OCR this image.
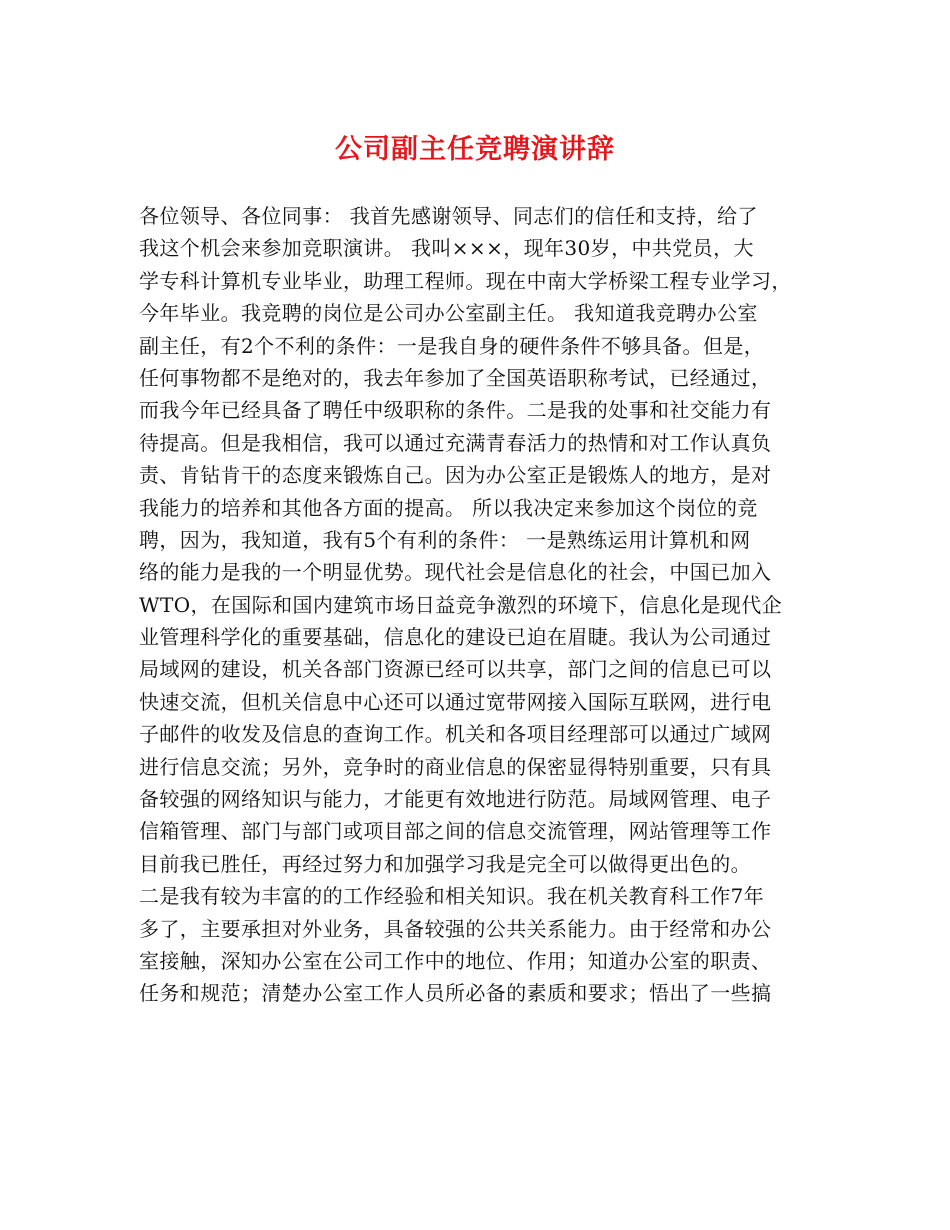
公司副主任竞聘演讲辞
各位领导、各位同事： 我首先感谢领导、同志们的信任和支持，给了
我这个机会来参加竞职演讲。 我叫×××，现年30岁，中共党员，大
学专科计算机专业毕业，助理工程师。现在中南大学桥梁工程专业学习，
今年毕业。我竞聘的岗位是公司办公室副主任。 我知道我竞聘办公室
副主任，有2个不利的条件：一是我自身的硬件条件不够具备。但是，
任何事物都不是绝对的，我去年参加了全国英语职称考试，已经通过，
而我今年已经具备了聘任中级职称的条件。二是我的处事和社交能力有
待提高。但是我相信，我可以通过充满青春活力的热情和对工作认真负
责、肯钻肯干的态度来锻炼自己。因为办公室正是锻炼人的地方，是对
我能力的培养和其他各方面的提高。 所以我决定来参加这个岗位的竞
聘，因为，我知道，我有5个有利的条件： 一是熟练运用计算机和网
络的能力是我的一个明显优势。现代社会是信息化的社会，中国已加入
WTO，在国际和国内建筑市场日益竞争激烈的环境下，信息化是现代企
业管理科学化的重要基础，信息化的建设已迫在眉睫。我认为公司通过
局域网的建设，机关各部门资源已经可以共享，部门之间的信息已可以
快速交流，但机关信息中心还可以通过宽带网接入国际互联网，进行电
子邮件的收发及信息的查询工作。机关和各项目经理部可以通过广域网
进行信息交流；另外，竞争时的商业信息的保密显得特别重要，只有具
备较强的网络知识与能力，才能更有效地进行防范。局域网管理、电子
信箱管理、部门与部门或项目部之间的信息交流管理，网站管理等工作
目前我已胜任，再经过努力和加强学习我是完全可以做得更出色的。
二是我有较为丰富的的工作经验和相关知识。我在机关教育科工作7年
多了，主要承担对外业务，具备较强的公共关系能力。由于经常和办公
室接触，深知办公室在公司工作中的地位、作用；知道办公室的职责、
任务和规范；清楚办公室工作人员所必备的素质和要求；悟出了一些搞
